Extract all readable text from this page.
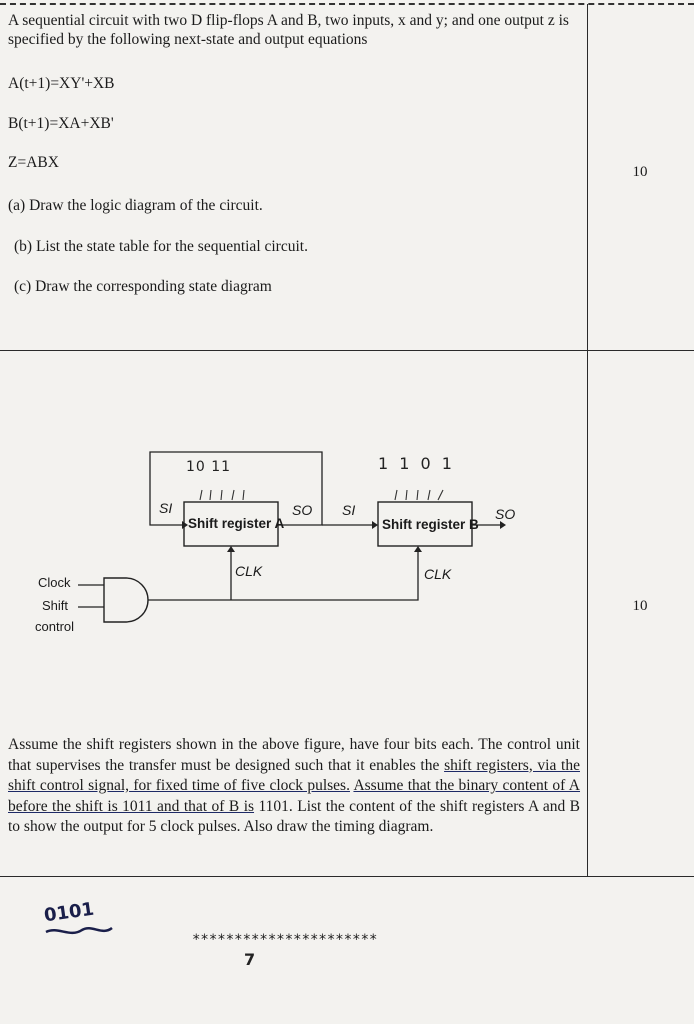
A sequential circuit with two D flip-flops A and B, two inputs, x and y; and one output z is specified by the following next-state and output equations
A(t+1)=XY'+XB
B(t+1)=XA+XB'
Z=ABX
(a) Draw the logic diagram of the circuit.
(b) List the state table for the sequential circuit.
(c) Draw the corresponding state diagram
10
10
Shift register A	Shift register B
SI	SO SI	SO
CLK	CLK
Clock
Shift
control
10 11	1 1 0 1
Assume the shift registers shown in the above figure, have four bits each. The control unit that supervises the transfer must be designed such that it enables the shift registers, via the shift control signal, for fixed time of five clock pulses. Assume that the binary content of A before the shift is 1011 and that of B is 1101. List the content of the shift registers A and B to show the output for 5 clock pulses. Also draw the timing diagram.
0101
**********************
7
